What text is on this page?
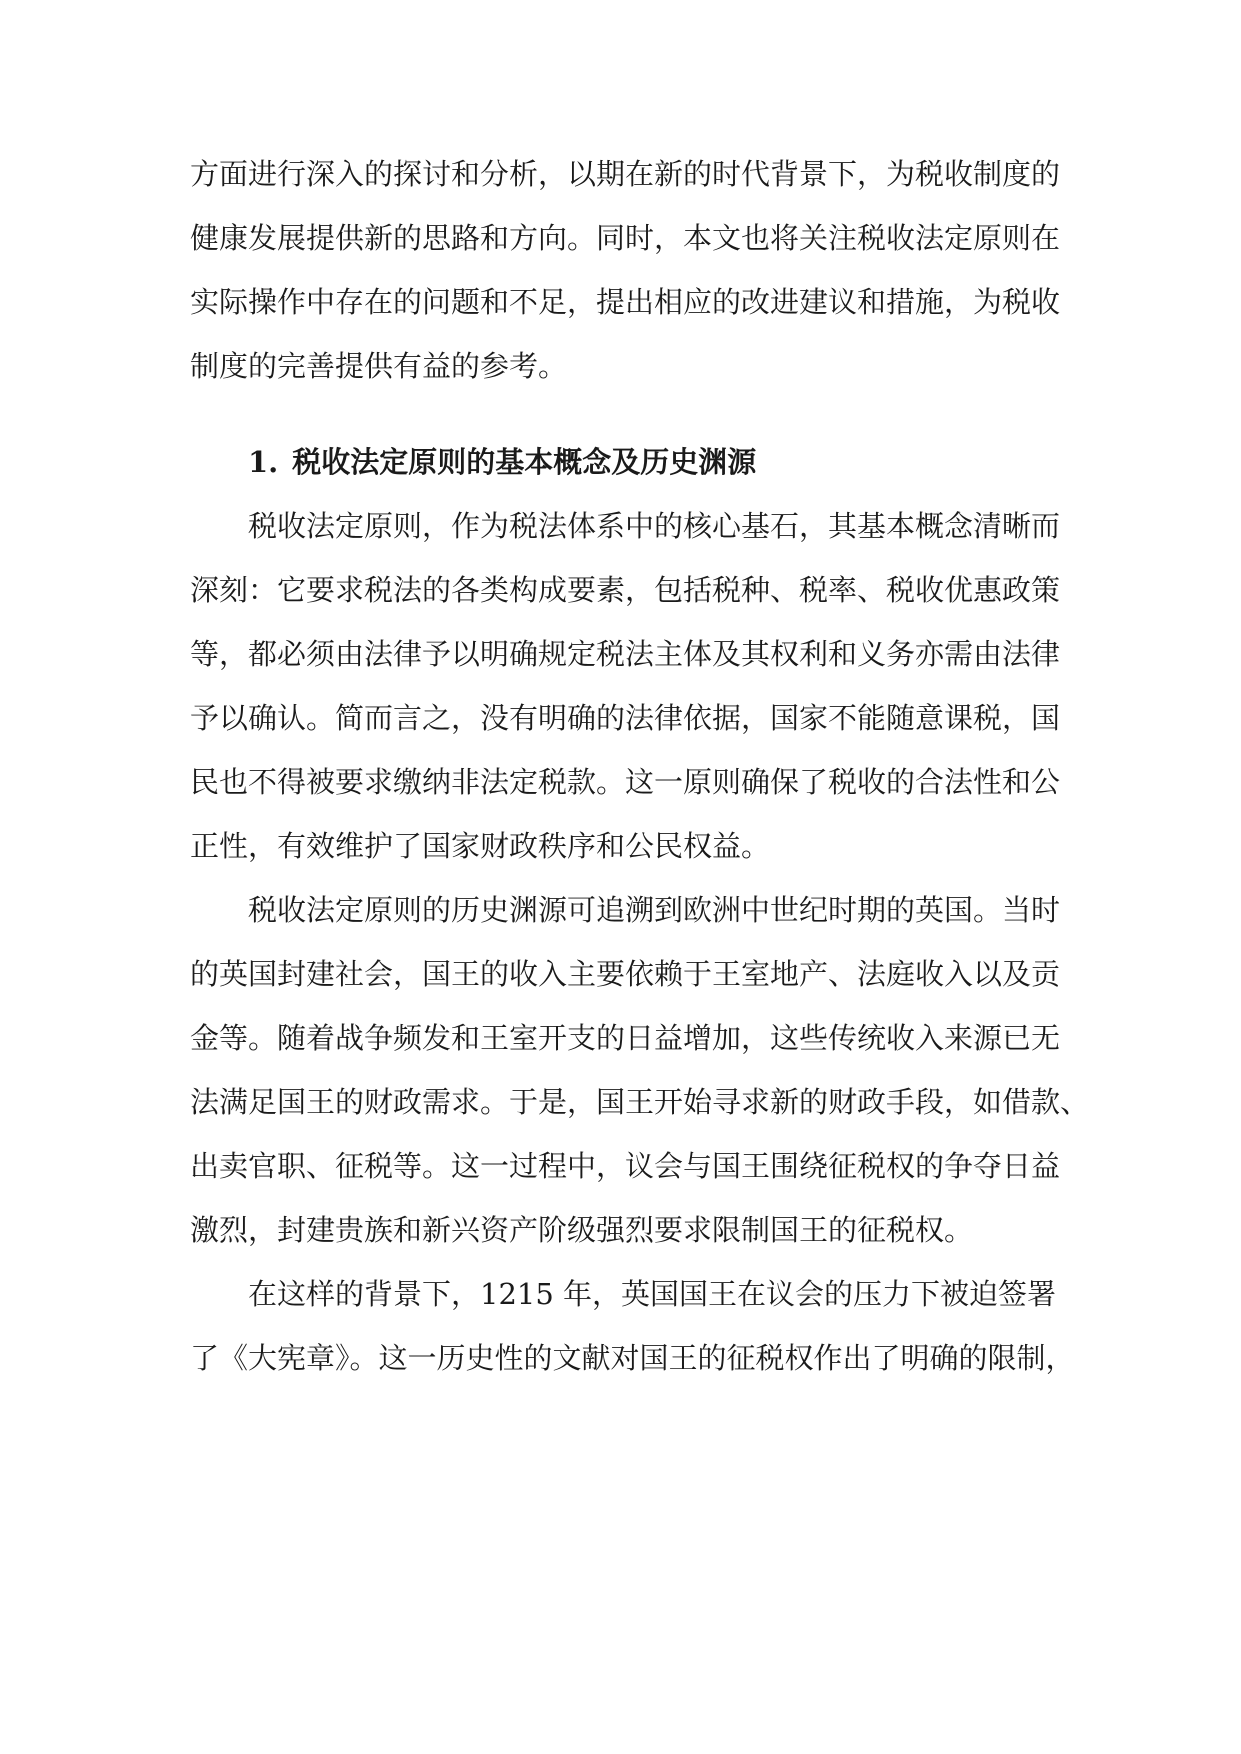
方面进行深入的探讨和分析，以期在新的时代背景下，为税收制度的
健康发展提供新的思路和方向。同时，本文也将关注税收法定原则在
实际操作中存在的问题和不足，提出相应的改进建议和措施，为税收
制度的完善提供有益的参考。
1. 税收法定原则的基本概念及历史渊源
税收法定原则，作为税法体系中的核心基石，其基本概念清晰而
深刻：它要求税法的各类构成要素，包括税种、税率、税收优惠政策
等，都必须由法律予以明确规定税法主体及其权利和义务亦需由法律
予以确认。简而言之，没有明确的法律依据，国家不能随意课税，国
民也不得被要求缴纳非法定税款。这一原则确保了税收的合法性和公
正性，有效维护了国家财政秩序和公民权益。
税收法定原则的历史渊源可追溯到欧洲中世纪时期的英国。当时
的英国封建社会，国王的收入主要依赖于王室地产、法庭收入以及贡
金等。随着战争频发和王室开支的日益增加，这些传统收入来源已无
法满足国王的财政需求。于是，国王开始寻求新的财政手段，如借款、
出卖官职、征税等。这一过程中，议会与国王围绕征税权的争夺日益
激烈，封建贵族和新兴资产阶级强烈要求限制国王的征税权。
在这样的背景下，1215 年，英国国王在议会的压力下被迫签署
了《大宪章》。这一历史性的文献对国王的征税权作出了明确的限制，
